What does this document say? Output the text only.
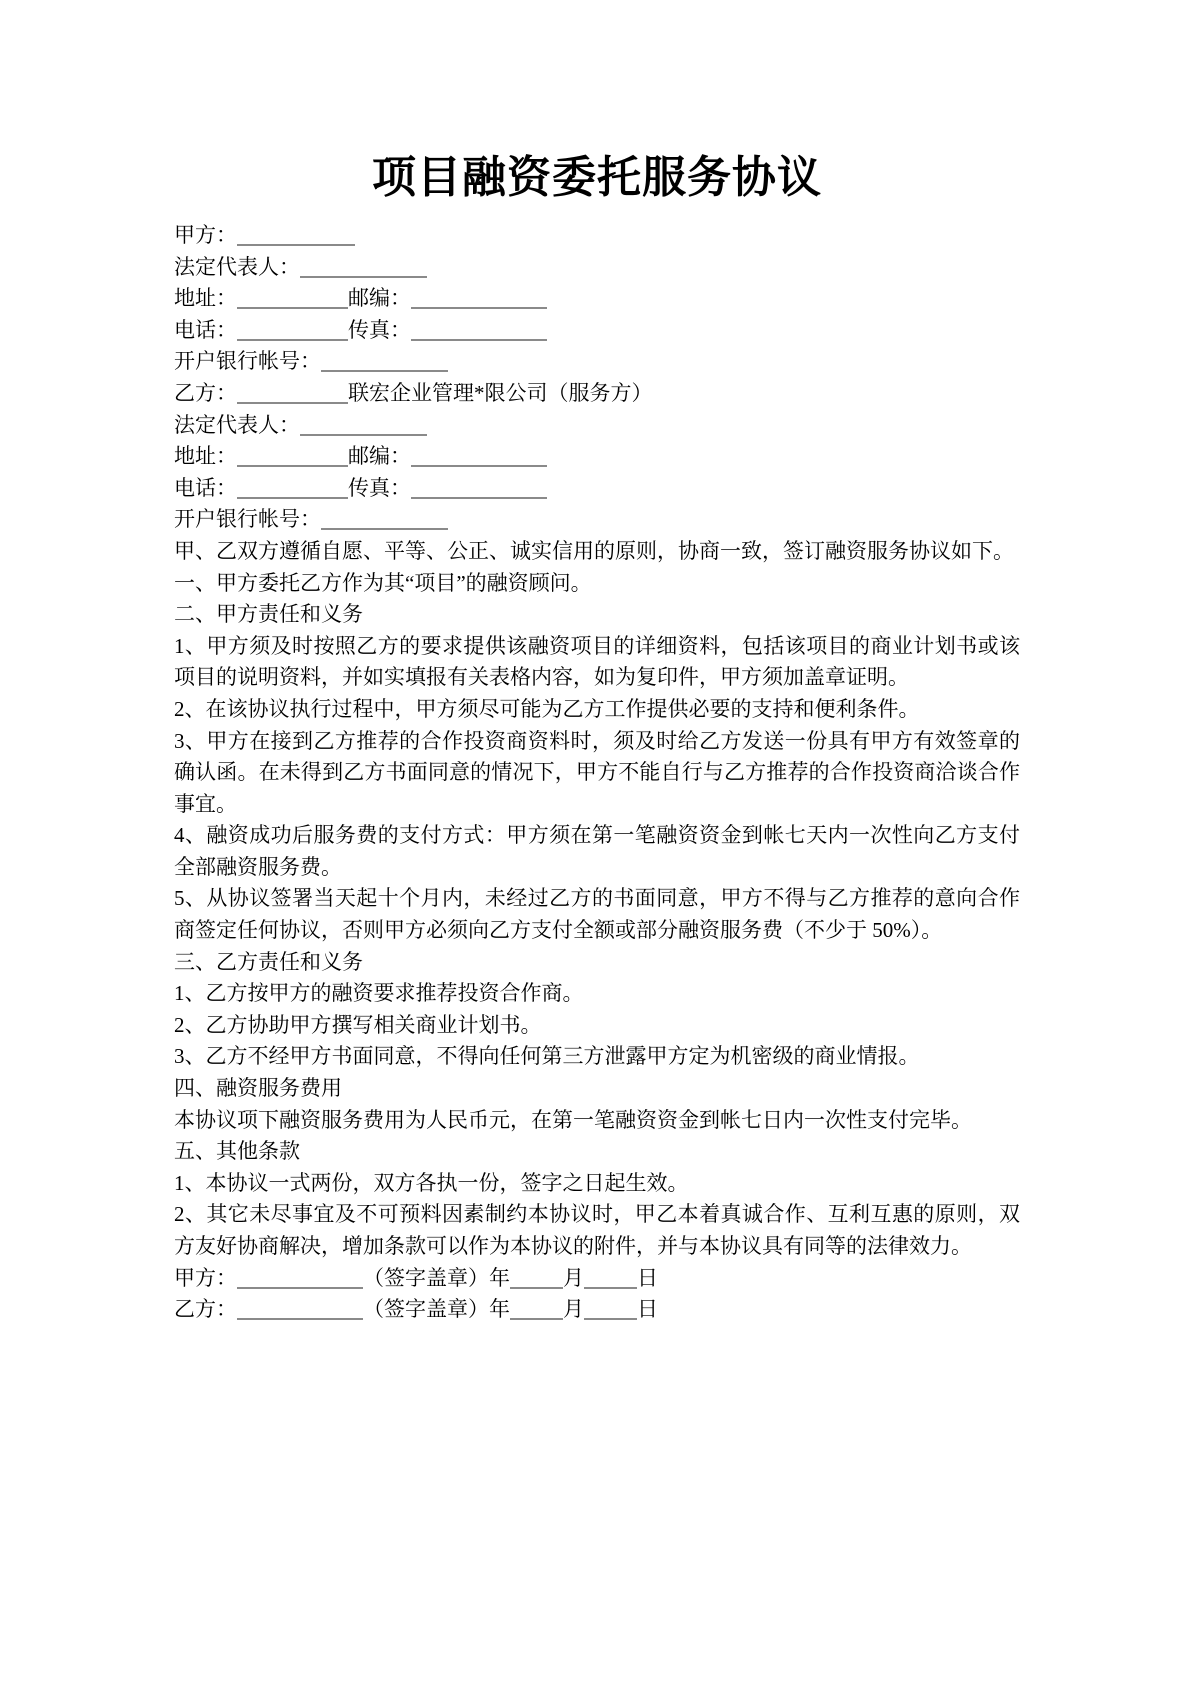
项目融资委托服务协议

甲方：

法定代表人：

地址：	邮编：

电话：	传真：

开户银行帐号：

乙方：	联宏企业管理*限公司（服务方）

法定代表人：

地址：	邮编：

电话：	传真：

开户银行帐号：

甲、乙双方遵循自愿、平等、公正、诚实信用的原则，协商一致，签订融资服务协议如下。

一、甲方委托乙方作为其“项目”的融资顾问。

二、甲方责任和义务

1、甲方须及时按照乙方的要求提供该融资项目的详细资料，包括该项目的商业计划书或该项目的说明资料，并如实填报有关表格内容，如为复印件，甲方须加盖章证明。

2、在该协议执行过程中，甲方须尽可能为乙方工作提供必要的支持和便利条件。

3、甲方在接到乙方推荐的合作投资商资料时，须及时给乙方发送一份具有甲方有效签章的确认函。在未得到乙方书面同意的情况下，甲方不能自行与乙方推荐的合作投资商洽谈合作事宜。

4、融资成功后服务费的支付方式：甲方须在第一笔融资资金到帐七天内一次性向乙方支付全部融资服务费。

5、从协议签署当天起十个月内，未经过乙方的书面同意，甲方不得与乙方推荐的意向合作商签定任何协议，否则甲方必须向乙方支付全额或部分融资服务费（不少于 50%）。

三、乙方责任和义务

1、乙方按甲方的融资要求推荐投资合作商。

2、乙方协助甲方撰写相关商业计划书。

3、乙方不经甲方书面同意，不得向任何第三方泄露甲方定为机密级的商业情报。

四、融资服务费用

本协议项下融资服务费用为人民币元，在第一笔融资资金到帐七日内一次性支付完毕。

五、其他条款

1、本协议一式两份，双方各执一份，签字之日起生效。

2、其它未尽事宜及不可预料因素制约本协议时，甲乙本着真诚合作、互利互惠的原则，双方友好协商解决，增加条款可以作为本协议的附件，并与本协议具有同等的法律效力。

甲方：	（签字盖章）年	月	日

乙方：	（签字盖章）年	月	日
